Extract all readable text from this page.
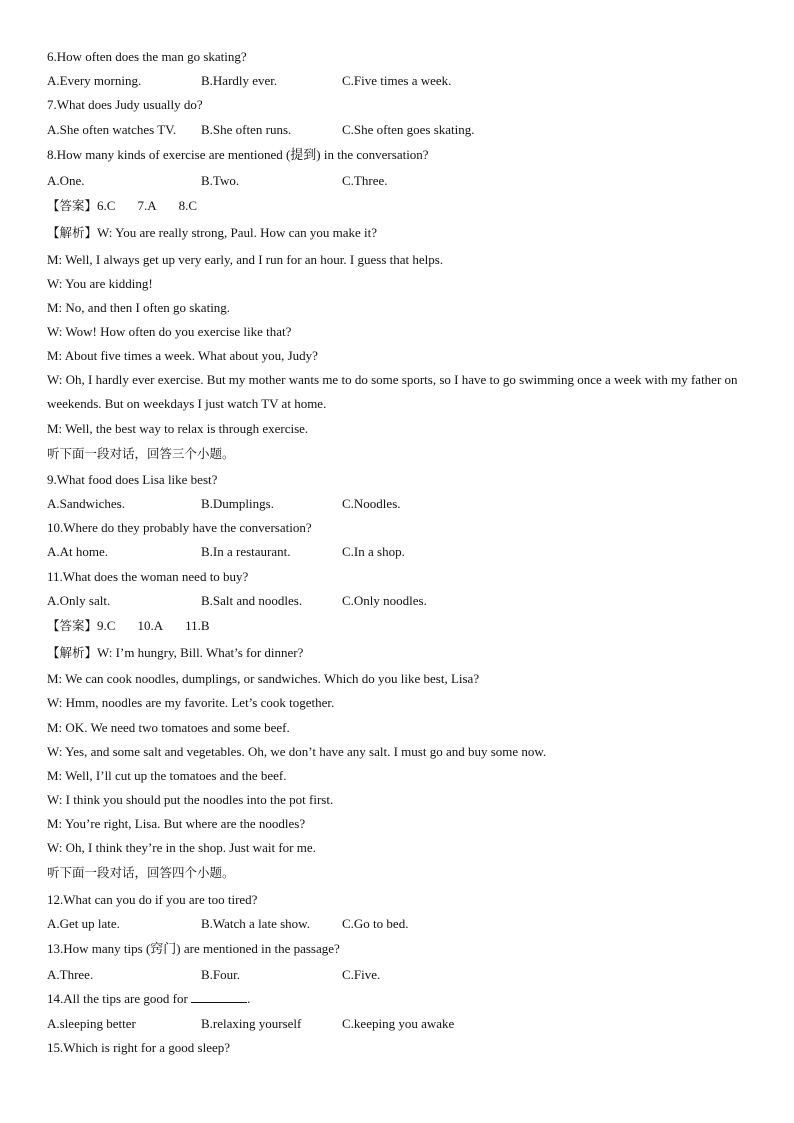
6.How often does the man go skating?
A.Every morning.	B.Hardly ever.	C.Five times a week.
7.What does Judy usually do?
A.She often watches TV. B.She often runs.	C.She often goes skating.
8.How many kinds of exercise are mentioned (提到) in the conversation?
A.One.	B.Two.	C.Three.
【答案】6.C 7.A 8.C
【解析】W: You are really strong, Paul. How can you make it?
M: Well, I always get up very early, and I run for an hour. I guess that helps.
W: You are kidding!
M: No, and then I often go skating.
W: Wow! How often do you exercise like that?
M: About five times a week. What about you, Judy?
W: Oh, I hardly ever exercise. But my mother wants me to do some sports, so I have to go swimming once a week with my father on weekends. But on weekdays I just watch TV at home.
M: Well, the best way to relax is through exercise.
听下面一段对话，回答三个小题。
9.What food does Lisa like best?
A.Sandwiches.	B.Dumplings.	C.Noodles.
10.Where do they probably have the conversation?
A.At home.	B.In a restaurant.	C.In a shop.
11.What does the woman need to buy?
A.Only salt.	B.Salt and noodles.	C.Only noodles.
【答案】9.C 10.A 11.B
【解析】W: I’m hungry, Bill. What’s for dinner?
M: We can cook noodles, dumplings, or sandwiches. Which do you like best, Lisa?
W: Hmm, noodles are my favorite. Let’s cook together.
M: OK. We need two tomatoes and some beef.
W: Yes, and some salt and vegetables. Oh, we don’t have any salt. I must go and buy some now.
M: Well, I’ll cut up the tomatoes and the beef.
W: I think you should put the noodles into the pot first.
M: You’re right, Lisa. But where are the noodles?
W: Oh, I think they’re in the shop. Just wait for me.
听下面一段对话，回答四个小题。
12.What can you do if you are too tired?
A.Get up late.	B.Watch a late show. C.Go to bed.
13.How many tips (窍门) are mentioned in the passage?
A.Three.	B.Four.	C.Five.
14.All the tips are good for	.
A.sleeping better	B.relaxing yourself	C.keeping you awake
15.Which is right for a good sleep?
